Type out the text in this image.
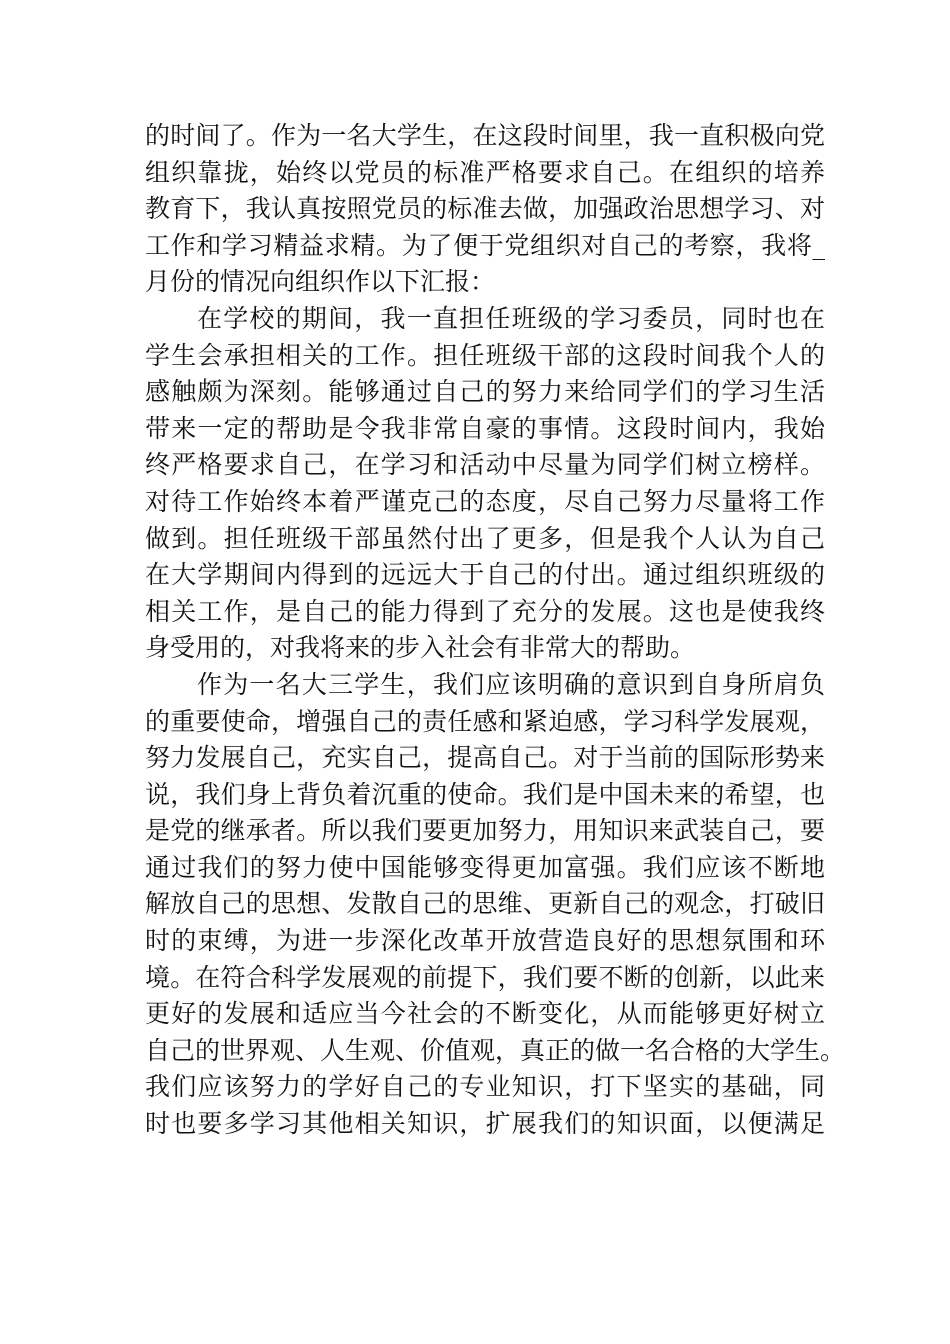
的时间了。作为一名大学生，在这段时间里，我一直积极向党
组织靠拢，始终以党员的标准严格要求自己。在组织的培养
教育下，我认真按照党员的标准去做，加强政治思想学习、对
工作和学习精益求精。为了便于党组织对自己的考察，我将_
月份的情况向组织作以下汇报：
在学校的期间，我一直担任班级的学习委员，同时也在
学生会承担相关的工作。担任班级干部的这段时间我个人的
感触颇为深刻。能够通过自己的努力来给同学们的学习生活
带来一定的帮助是令我非常自豪的事情。这段时间内，我始
终严格要求自己，在学习和活动中尽量为同学们树立榜样。
对待工作始终本着严谨克己的态度，尽自己努力尽量将工作
做到。担任班级干部虽然付出了更多，但是我个人认为自己
在大学期间内得到的远远大于自己的付出。通过组织班级的
相关工作，是自己的能力得到了充分的发展。这也是使我终
身受用的，对我将来的步入社会有非常大的帮助。
作为一名大三学生，我们应该明确的意识到自身所肩负
的重要使命，增强自己的责任感和紧迫感，学习科学发展观，
努力发展自己，充实自己，提高自己。对于当前的国际形势来
说，我们身上背负着沉重的使命。我们是中国未来的希望，也
是党的继承者。所以我们要更加努力，用知识来武装自己，要
通过我们的努力使中国能够变得更加富强。我们应该不断地
解放自己的思想、发散自己的思维、更新自己的观念，打破旧
时的束缚，为进一步深化改革开放营造良好的思想氛围和环
境。在符合科学发展观的前提下，我们要不断的创新，以此来
更好的发展和适应当今社会的不断变化，从而能够更好树立
自己的世界观、人生观、价值观，真正的做一名合格的大学生。
我们应该努力的学好自己的专业知识，打下坚实的基础，同
时也要多学习其他相关知识，扩展我们的知识面，以便满足
